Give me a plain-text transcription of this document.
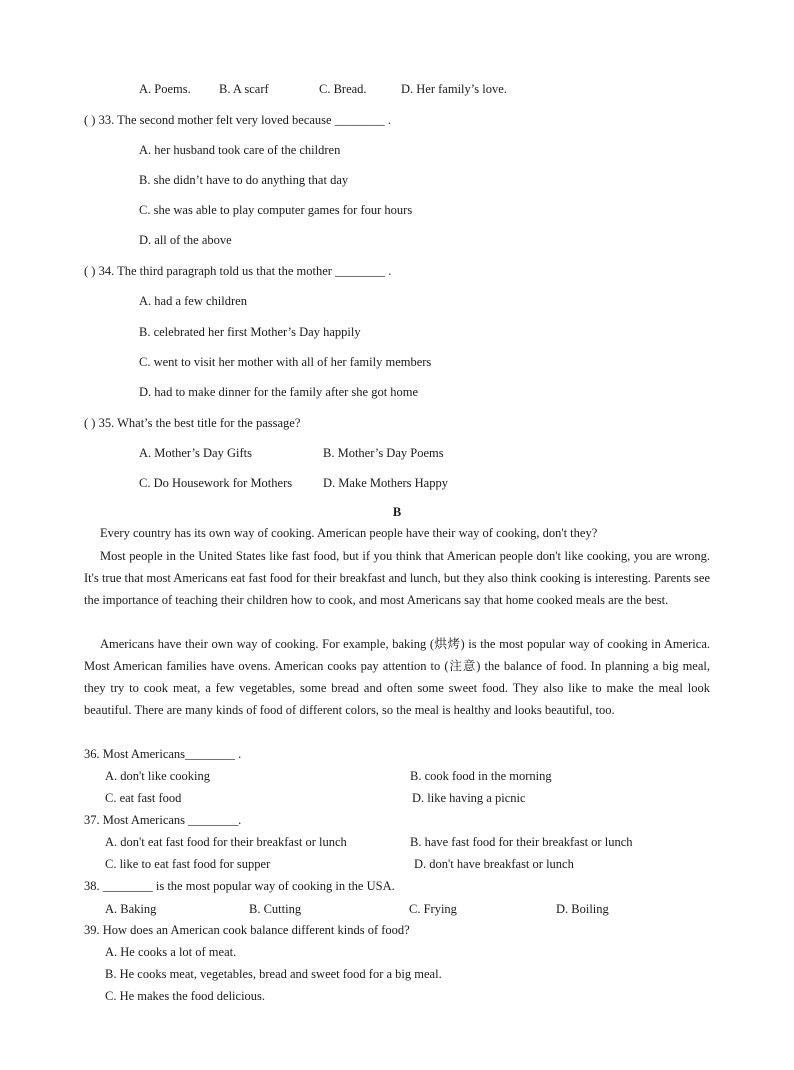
A. Poems. B. A scarf	C. Bread.	D. Her family’s love.
( ) 33. The second mother felt very loved because ________ .
A. her husband took care of the children
B. she didn’t have to do anything that day
C. she was able to play computer games for four hours
D. all of the above
( ) 34. The third paragraph told us that the mother ________ .
A. had a few children
B. celebrated her first Mother’s Day happily
C. went to visit her mother with all of her family members
D. had to make dinner for the family after she got home
( ) 35. What’s the best title for the passage?
A. Mother’s Day Gifts	B. Mother’s Day Poems
C. Do Housework for Mothers D. Make Mothers Happy
B

Every country has its own way of cooking. American people have their way of cooking, don't they?

Most people in the United States like fast food, but if you think that American people don't like cooking, you are wrong. It's true that most Americans eat fast food for their breakfast and lunch, but they also think cooking is interesting. Parents see the importance of teaching their children how to cook, and most Americans say that home cooked meals are the best.

Americans have their own way of cooking. For example, baking (烘烤) is the most popular way of cooking in America. Most American families have ovens. American cooks pay attention to (注意) the balance of food. In planning a big meal, they try to cook meat, a few vegetables, some bread and often some sweet food. They also like to make the meal look beautiful. There are many kinds of food of different colors, so the meal is healthy and looks beautiful, too.

36. Most Americans________ .
A. don't like cooking	B. cook food in the morning
C. eat fast food	D. like having a picnic
37. Most Americans ________.
A. don't eat fast food for their breakfast or lunch	B. have fast food for their breakfast or lunch
C. like to eat fast food for supper	D. don't have breakfast or lunch
38. ________ is the most popular way of cooking in the USA.
A. Baking	B. Cutting	C. Frying	D. Boiling
39. How does an American cook balance different kinds of food?
A. He cooks a lot of meat.
B. He cooks meat, vegetables, bread and sweet food for a big meal.
C. He makes the food delicious.
